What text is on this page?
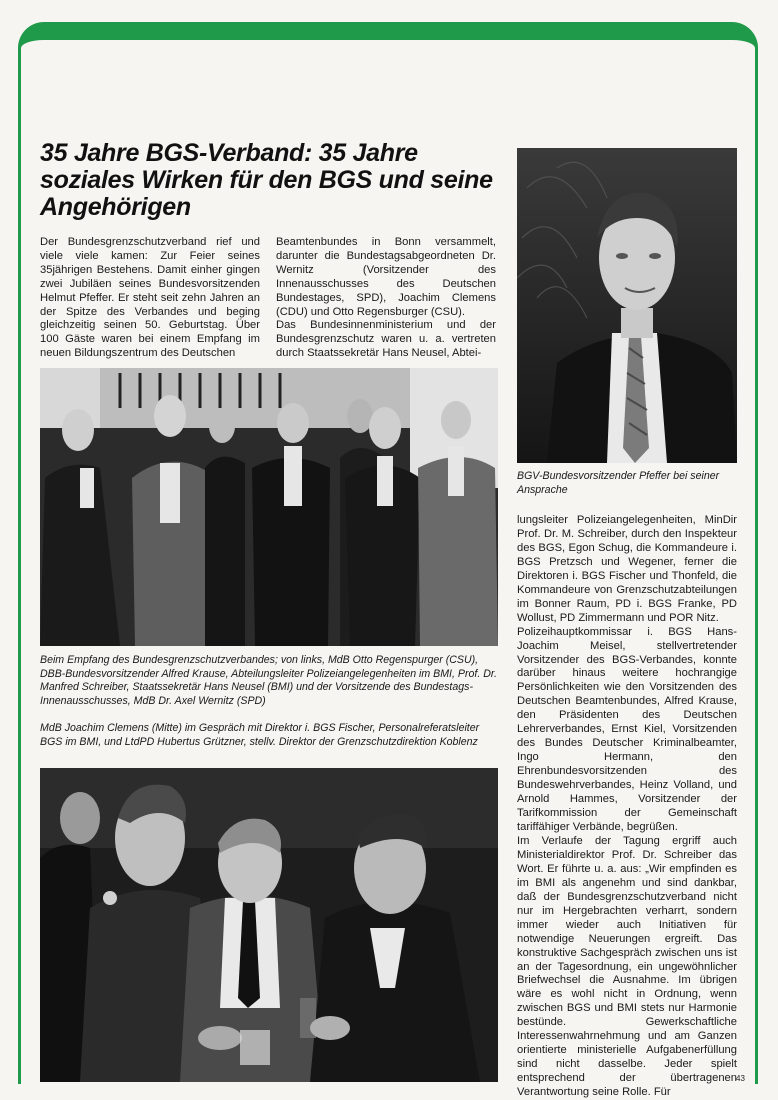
35 Jahre BGS-Verband: 35 Jahre soziales Wirken für den BGS und seine Angehörigen

Der Bundesgrenzschutzverband rief und viele viele kamen: Zur Feier seines 35jährigen Bestehens. Damit einher gingen zwei Jubiläen seines Bundesvorsitzenden Helmut Pfeffer. Er steht seit zehn Jahren an der Spitze des Verbandes und beging gleichzeitig seinen 50. Geburtstag. Über 100 Gäste waren bei einem Empfang im neuen Bildungszentrum des Deutschen

Beamtenbundes in Bonn versammelt, darunter die Bundestagsabgeordneten Dr. Wernitz (Vorsitzender des Innenausschusses des Deutschen Bundestages, SPD), Joachim Clemens (CDU) und Otto Regensburger (CSU).

Das Bundesinnenministerium und der Bundesgrenzschutz waren u. a. vertreten durch Staatssekretär Hans Neusel, Abtei-

BGV-Bundesvorsitzender Pfeffer bei seiner Ansprache
Beim Empfang des Bundesgrenzschutzverbandes; von links, MdB Otto Regenspurger (CSU), DBB-Bundesvorsitzender Alfred Krause, Abteilungsleiter Polizeiangelegenheiten im BMI, Prof. Dr. Manfred Schreiber, Staatssekretär Hans Neusel (BMI) und der Vorsitzende des Bundestags-Innenausschusses, MdB Dr. Axel Wernitz (SPD)
MdB Joachim Clemens (Mitte) im Gespräch mit Direktor i. BGS Fischer, Personalreferatsleiter BGS im BMI, und LtdPD Hubertus Grützner, stellv. Direktor der Grenzschutzdirektion Koblenz

lungsleiter Polizeiangelegenheiten, MinDir Prof. Dr. M. Schreiber, durch den Inspekteur des BGS, Egon Schug, die Kommandeure i. BGS Pretzsch und Wegener, ferner die Direktoren i. BGS Fischer und Thonfeld, die Kommandeure von Grenzschutzabteilungen im Bonner Raum, PD i. BGS Franke, PD Wollust, PD Zimmermann und POR Nitz.

Polizeihauptkommissar i. BGS Hans-Joachim Meisel, stellvertretender Vorsitzender des BGS-Verbandes, konnte darüber hinaus weitere hochrangige Persönlichkeiten wie den Vorsitzenden des Deutschen Beamtenbundes, Alfred Krause, den Präsidenten des Deutschen Lehrerverbandes, Ernst Kiel, Vorsitzenden des Bundes Deutscher Kriminalbeamter, Ingo Hermann, den Ehrenbundesvorsitzenden des Bundeswehrverbandes, Heinz Volland, und Arnold Hammes, Vorsitzender der Tarifkommission der Gemeinschaft tariffähiger Verbände, begrüßen.

Im Verlaufe der Tagung ergriff auch Ministerialdirektor Prof. Dr. Schreiber das Wort. Er führte u. a. aus: „Wir empfinden es im BMI als angenehm und sind dankbar, daß der Bundesgrenzschutzverband nicht nur im Hergebrachten verharrt, sondern immer wieder auch Initiativen für notwendige Neuerungen ergreift. Das konstruktive Sachgespräch zwischen uns ist an der Tagesordnung, ein ungewöhnlicher Briefwechsel die Ausnahme. Im übrigen wäre es wohl nicht in Ordnung, wenn zwischen BGS und BMI stets nur Harmonie bestünde. Gewerkschaftliche Interessenwahrnehmung und am Ganzen orientierte ministerielle Aufgabenerfüllung sind nicht dasselbe. Jeder spielt entsprechend der übertragenen Verantwortung seine Rolle. Für

43
